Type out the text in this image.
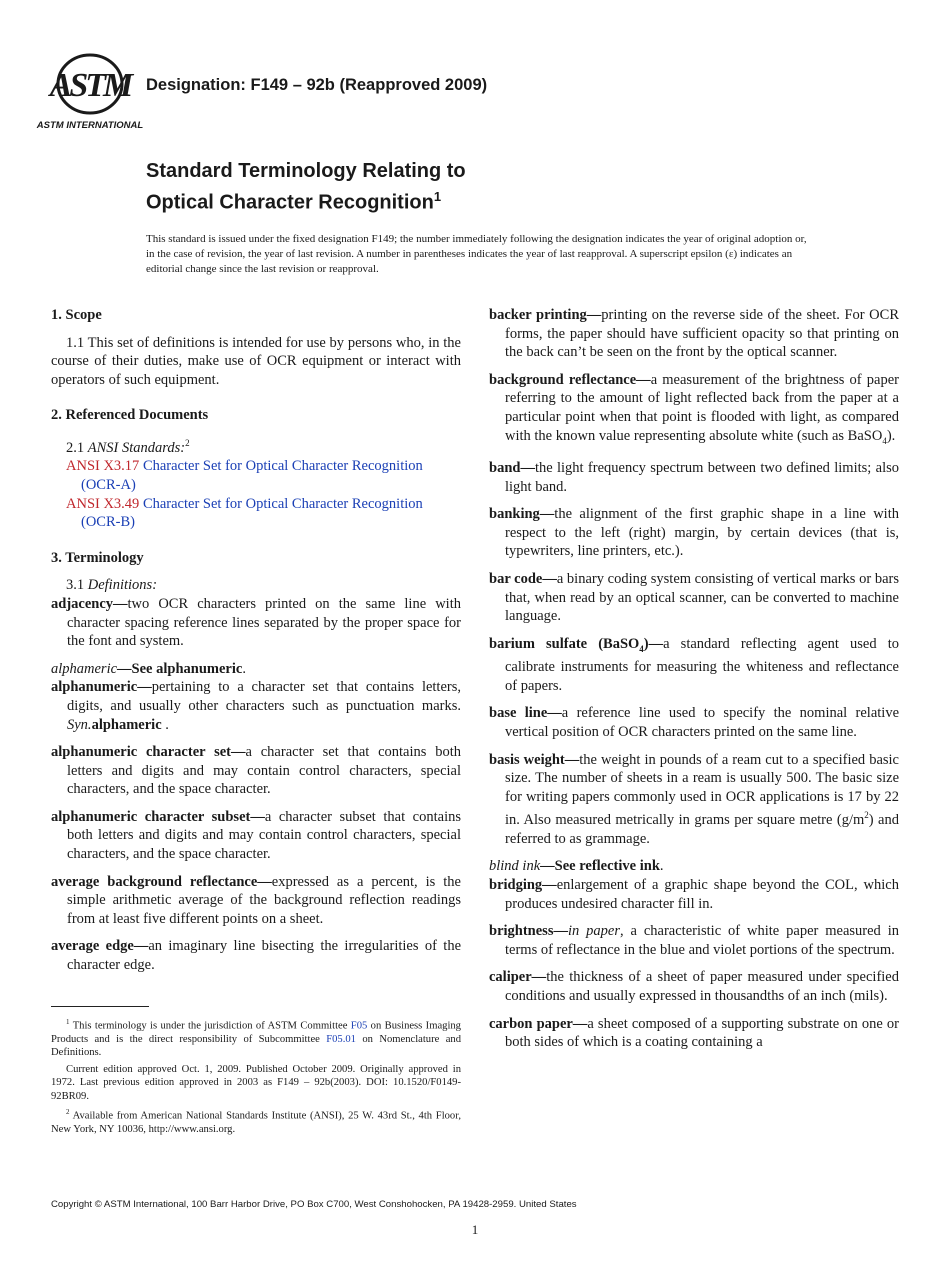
ASTM
ASTM INTERNATIONAL
Designation: F149 – 92b (Reapproved 2009)
Standard Terminology Relating to
Optical Character Recognition$^1$
This standard is issued under the fixed designation F149; the number immediately following the designation indicates the year of original adoption or, in the case of revision, the year of last revision. A number in parentheses indicates the year of last reapproval. A superscript epsilon (ε) indicates an editorial change since the last revision or reapproval.
1. Scope

1.1 This set of definitions is intended for use by persons who, in the course of their duties, make use of OCR equipment or interact with operators of such equipment.

2. Referenced Documents

2.1 ANSI Standards:$^2$

ANSI X3.17 Character Set for Optical Character Recognition (OCR-A)

ANSI X3.49 Character Set for Optical Character Recognition (OCR-B)

3. Terminology

3.1 Definitions:

adjacency—two OCR characters printed on the same line with character spacing reference lines separated by the proper space for the font and system.

alphameric—See alphanumeric.

alphanumeric—pertaining to a character set that contains letters, digits, and usually other characters such as punctuation marks. Syn.alphameric .

alphanumeric character set—a character set that contains both letters and digits and may contain control characters, special characters, and the space character.

alphanumeric character subset—a character subset that contains both letters and digits and may contain control characters, special characters, and the space character.

average background reflectance—expressed as a percent, is the simple arithmetic average of the background reflection readings from at least five different points on a sheet.

average edge—an imaginary line bisecting the irregularities of the character edge.

backer printing—printing on the reverse side of the sheet. For OCR forms, the paper should have sufficient opacity so that printing on the back can’t be seen on the front by the optical scanner.

background reflectance—a measurement of the brightness of paper referring to the amount of light reflected back from the paper at a particular point when that point is flooded with light, as compared with the known value representing absolute white (such as BaSO$_4$).

band—the light frequency spectrum between two defined limits; also light band.

banking—the alignment of the first graphic shape in a line with respect to the left (right) margin, by certain devices (that is, typewriters, line printers, etc.).

bar code—a binary coding system consisting of vertical marks or bars that, when read by an optical scanner, can be converted to machine language.

barium sulfate (BaSO$_4$)—a standard reflecting agent used to calibrate instruments for measuring the whiteness and reflectance of papers.

base line—a reference line used to specify the nominal relative vertical position of OCR characters printed on the same line.

basis weight—the weight in pounds of a ream cut to a specified basic size. The number of sheets in a ream is usually 500. The basic size for writing papers commonly used in OCR applications is 17 by 22 in. Also measured metrically in grams per square metre $(g/m^2)$ and referred to as grammage.

blind ink—See reflective ink.

bridging—enlargement of a graphic shape beyond the COL, which produces undesired character fill in.

brightness—in paper, a characteristic of white paper measured in terms of reflectance in the blue and violet portions of the spectrum.

caliper—the thickness of a sheet of paper measured under specified conditions and usually expressed in thousandths of an inch (mils).

carbon paper—a sheet composed of a supporting substrate on one or both sides of which is a coating containing a

$^1$ This terminology is under the jurisdiction of ASTM Committee F05 on Business Imaging Products and is the direct responsibility of Subcommittee F05.01 on Nomenclature and Definitions.

Current edition approved Oct. 1, 2009. Published October 2009. Originally approved in 1972. Last previous edition approved in 2003 as F149 – 92b(2003). DOI: 10.1520/F0149-92BR09.

$^2$ Available from American National Standards Institute (ANSI), 25 W. 43rd St., 4th Floor, New York, NY 10036, http://www.ansi.org.

Copyright © ASTM International, 100 Barr Harbor Drive, PO Box C700, West Conshohocken, PA 19428-2959. United States
1
